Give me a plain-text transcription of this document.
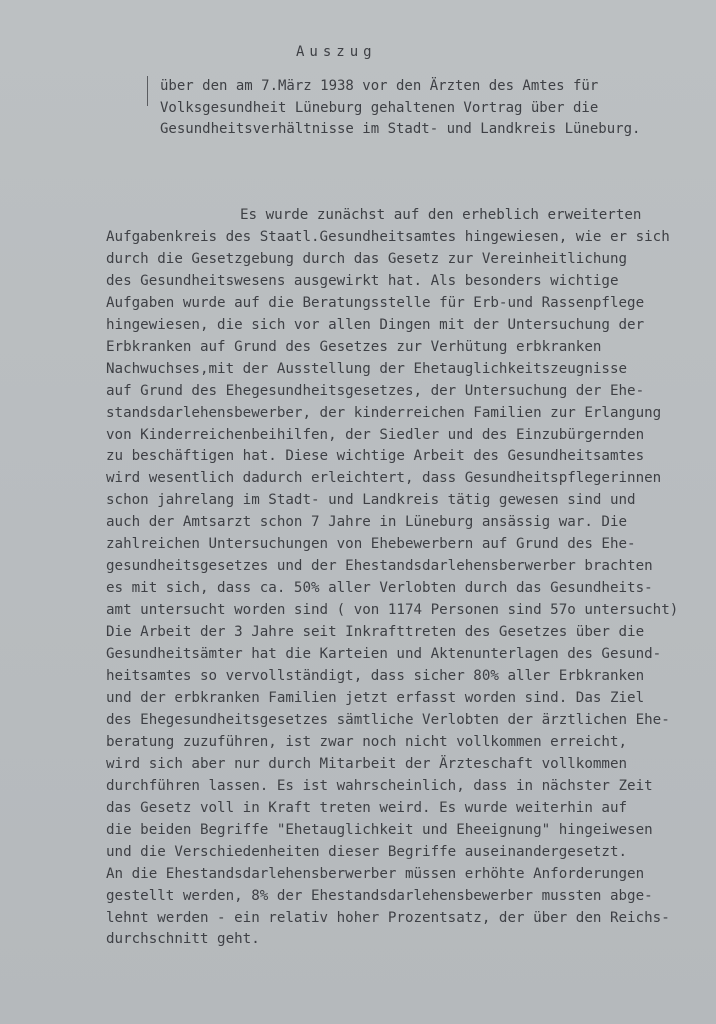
Auszug
über den am 7.März 1938 vor den Ärzten des Amtes für
Volksgesundheit Lüneburg gehaltenen Vortrag über die
Gesundheitsverhältnisse im Stadt- und Landkreis Lüneburg.
Es wurde zunächst auf den erheblich erweiterten
Aufgabenkreis des Staatl.Gesundheitsamtes hingewiesen, wie er sich
durch die Gesetzgebung durch das Gesetz zur Vereinheitlichung
des Gesundheitswesens ausgewirkt hat. Als besonders wichtige
Aufgaben wurde auf die Beratungsstelle für Erb-und Rassenpflege
hingewiesen, die sich vor allen Dingen mit der Untersuchung der
Erbkranken auf Grund des Gesetzes zur Verhütung erbkranken
Nachwuchses,mit der Ausstellung der Ehetauglichkeitszeugnisse
auf Grund des Ehegesundheitsgesetzes, der Untersuchung der Ehe-
standsdarlehensbewerber, der kinderreichen Familien zur Erlangung
von Kinderreichenbeihilfen, der Siedler und des Einzubürgernden
zu beschäftigen hat. Diese wichtige Arbeit des Gesundheitsamtes
wird wesentlich dadurch erleichtert, dass Gesundheitspflegerinnen
schon jahrelang im Stadt- und Landkreis tätig gewesen sind und
auch der Amtsarzt schon 7 Jahre in Lüneburg ansässig war. Die
zahlreichen Untersuchungen von Ehebewerbern auf Grund des Ehe-
gesundheitsgesetzes und der Ehestandsdarlehensberwerber brachten
es mit sich, dass ca. 50% aller Verlobten durch das Gesundheits-
amt untersucht worden sind ( von 1174 Personen sind 57o untersucht)
Die Arbeit der 3 Jahre seit Inkrafttreten des Gesetzes über die
Gesundheitsämter hat die Karteien und Aktenunterlagen des Gesund-
heitsamtes so vervollständigt, dass sicher 80% aller Erbkranken
und der erbkranken Familien jetzt erfasst worden sind. Das Ziel
des Ehegesundheitsgesetzes sämtliche Verlobten der ärztlichen Ehe-
beratung zuzuführen, ist zwar noch nicht vollkommen erreicht,
wird sich aber nur durch Mitarbeit der Ärzteschaft vollkommen
durchführen lassen. Es ist wahrscheinlich, dass in nächster Zeit
das Gesetz voll in Kraft treten weird. Es wurde weiterhin auf
die beiden Begriffe "Ehetauglichkeit und Eheeignung" hingeiwesen
und die Verschiedenheiten dieser Begriffe auseinandergesetzt.
An die Ehestandsdarlehensberwerber müssen erhöhte Anforderungen
gestellt werden, 8% der Ehestandsdarlehensbewerber mussten abge-
lehnt werden - ein relativ hoher Prozentsatz, der über den Reichs-
durchschnitt geht.
